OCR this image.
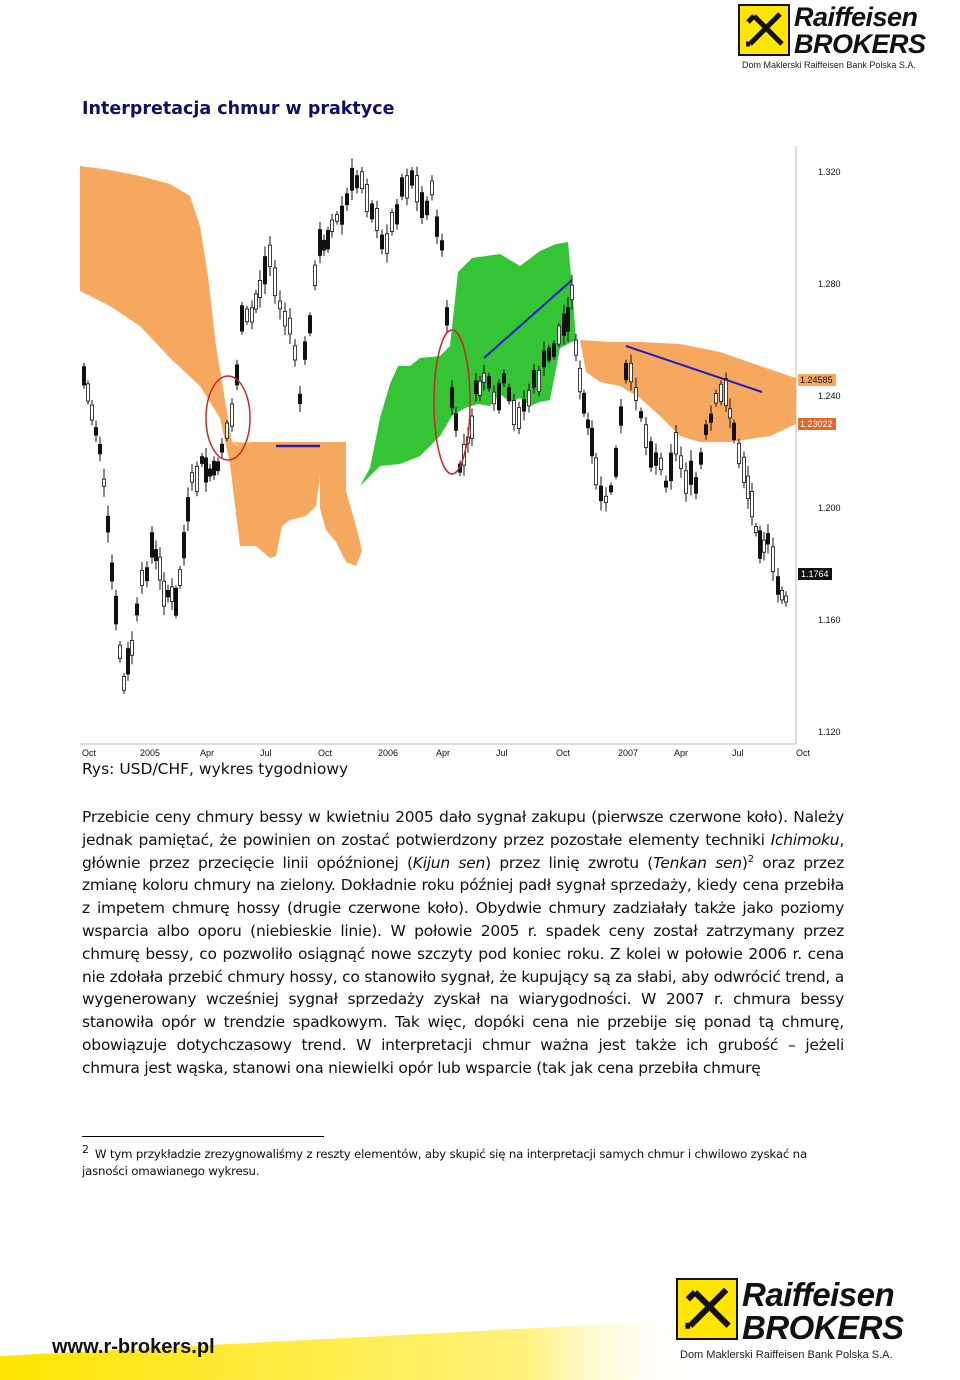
Raiffeisen
BROKERS
Dom Maklerski Raiffeisen Bank Polska S.A.
Interpretacja chmur w praktyce
1.320
1.280
1.240
1.200
1.160
1.120
1.24585
1.23022
1.1764
Oct	2005	Apr	Jul	Oct	2006	Apr	Jul	Oct	2007	Apr	Jul	Oct
Rys: USD/CHF, wykres tygodniowy

Przebicie ceny chmury bessy w kwietniu 2005 dało sygnał zakupu (pierwsze czerwone koło). Należy jednak pamiętać, że powinien on zostać potwierdzony przez pozostałe elementy techniki Ichimoku, głównie przez przecięcie linii opóźnionej (Kijun sen) przez linię zwrotu (Tenkan sen)$^2$ oraz przez zmianę koloru chmury na zielony. Dokładnie roku później padł sygnał sprzedaży, kiedy cena przebiła z impetem chmurę hossy (drugie czerwone koło). Obydwie chmury zadziałały także jako poziomy wsparcia albo oporu (niebieskie linie). W połowie 2005 r. spadek ceny został zatrzymany przez chmurę bessy, co pozwoliło osiągnąć nowe szczyty pod koniec roku. Z kolei w połowie 2006 r. cena nie zdołała przebić chmury hossy, co stanowiło sygnał, że kupujący są za słabi, aby odwrócić trend, a wygenerowany wcześniej sygnał sprzedaży zyskał na wiarygodności. W 2007 r. chmura bessy stanowiła opór w trendzie spadkowym. Tak więc, dopóki cena nie przebije się ponad tą chmurę, obowiązuje dotychczasowy trend. W interpretacji chmur ważna jest także ich grubość – jeżeli chmura jest wąska, stanowi ona niewielki opór lub wsparcie (tak jak cena przebiła chmurę

$^2$ W tym przykładzie zrezygnowaliśmy z reszty elementów, aby skupić się na interpretacji samych chmur i chwilowo zyskać na jasności omawianego wykresu.
www.r-brokers.pl
Raiffeisen
BROKERS
Dom Maklerski Raiffeisen Bank Polska S.A.
